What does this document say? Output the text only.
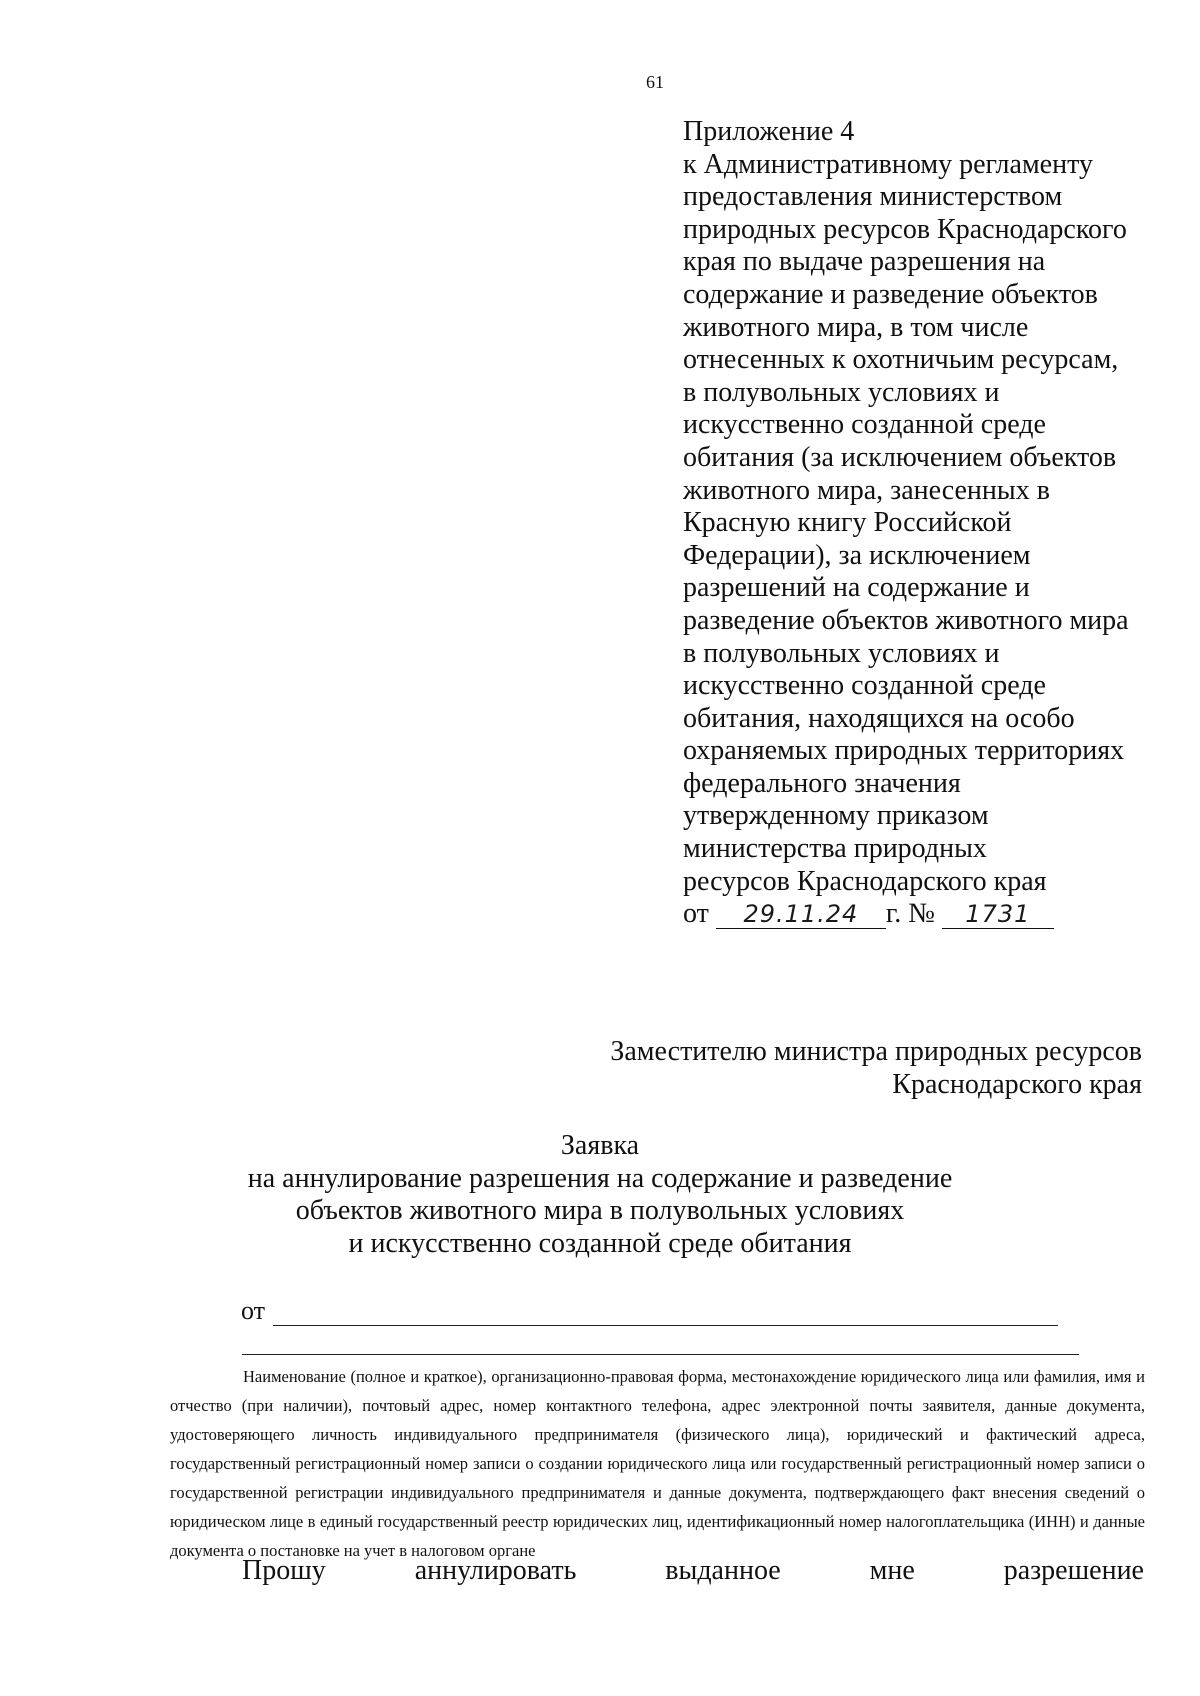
61
Приложение 4
к Административному регламенту
предоставления министерством
природных ресурсов Краснодарского
края по выдаче разрешения на
содержание и разведение объектов
животного мира, в том числе
отнесенных к охотничьим ресурсам,
в полувольных условиях и
искусственно созданной среде
обитания (за исключением объектов
животного мира, занесенных в
Красную книгу Российской
Федерации), за исключением
разрешений на содержание и
разведение объектов животного мира
в полувольных условиях и
искусственно созданной среде
обитания, находящихся на особо
охраняемых природных территориях
федерального значения
утвержденному приказом
министерства природных
ресурсов Краснодарского края
от 29.11.24 г. № 1731
Заместителю министра природных ресурсов
Краснодарского края
Заявка
на аннулирование разрешения на содержание и разведение
объектов животного мира в полувольных условиях
и искусственно созданной среде обитания
от
Наименование (полное и краткое), организационно-правовая форма, местонахождение юридического лица или фамилия, имя и отчество (при наличии), почтовый адрес, номер контактного телефона, адрес электронной почты заявителя, данные документа, удостоверяющего личность индивидуального предпринимателя (физического лица), юридический и фактический адреса, государственный регистрационный номер записи о создании юридического лица или государственный регистрационный номер записи о государственной регистрации индивидуального предпринимателя и данные документа, подтверждающего факт внесения сведений о юридическом лице в единый государственный реестр юридических лиц, идентификационный номер налогоплательщика (ИНН) и данные документа о постановке на учет в налоговом органе
Прошу	аннулировать	выданное	мне	разрешение
